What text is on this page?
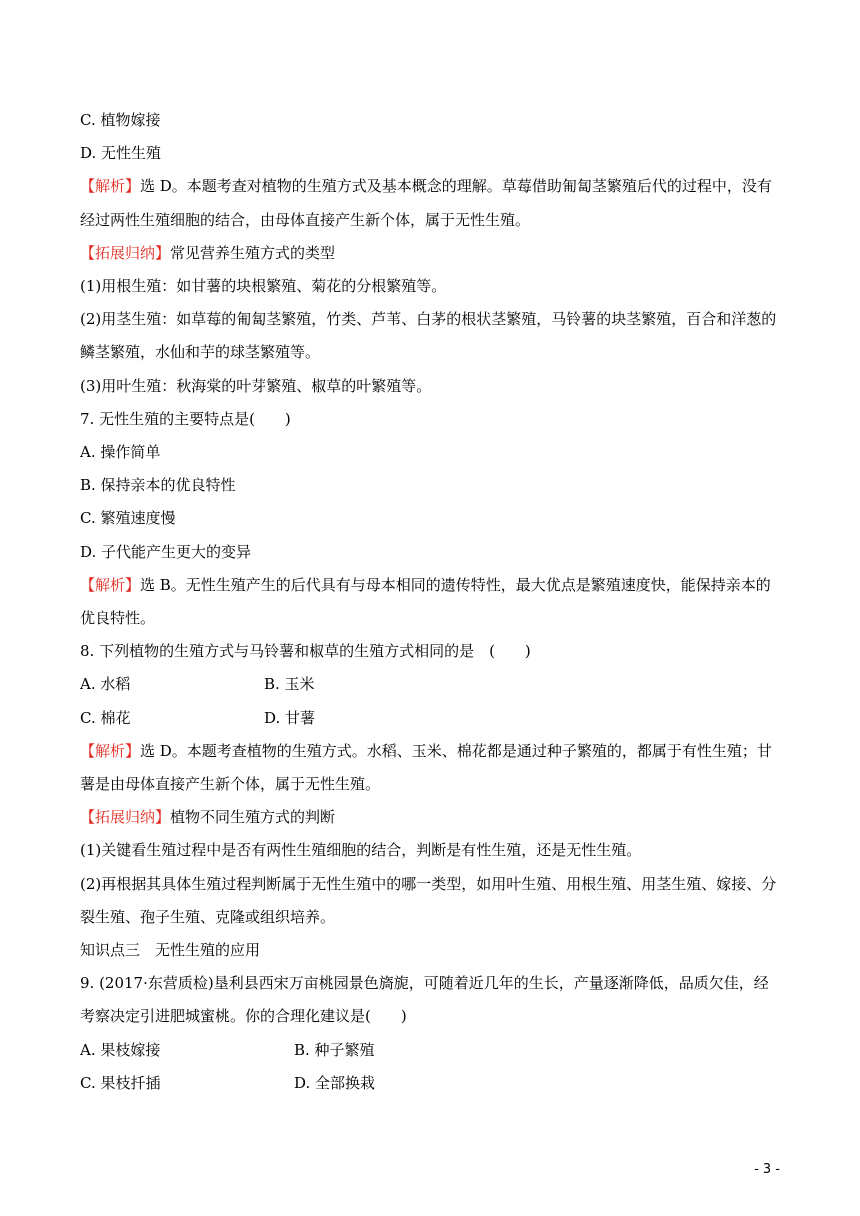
C. 植物嫁接
D. 无性生殖
【解析】选 D。本题考查对植物的生殖方式及基本概念的理解。草莓借助匍匐茎繁殖后代的过程中，没有经过两性生殖细胞的结合，由母体直接产生新个体，属于无性生殖。
【拓展归纳】常见营养生殖方式的类型
(1)用根生殖：如甘薯的块根繁殖、菊花的分根繁殖等。
(2)用茎生殖：如草莓的匍匐茎繁殖，竹类、芦苇、白茅的根状茎繁殖，马铃薯的块茎繁殖，百合和洋葱的鳞茎繁殖，水仙和芋的球茎繁殖等。
(3)用叶生殖：秋海棠的叶芽繁殖、椒草的叶繁殖等。
7. 无性生殖的主要特点是(　　)
A. 操作简单
B. 保持亲本的优良特性
C. 繁殖速度慢
D. 子代能产生更大的变异
【解析】选 B。无性生殖产生的后代具有与母本相同的遗传特性，最大优点是繁殖速度快，能保持亲本的优良特性。
8. 下列植物的生殖方式与马铃薯和椒草的生殖方式相同的是　(　　)
A. 水稻	B. 玉米
C. 棉花	D. 甘薯
【解析】选 D。本题考查植物的生殖方式。水稻、玉米、棉花都是通过种子繁殖的，都属于有性生殖；甘薯是由母体直接产生新个体，属于无性生殖。
【拓展归纳】植物不同生殖方式的判断
(1)关键看生殖过程中是否有两性生殖细胞的结合，判断是有性生殖，还是无性生殖。
(2)再根据其具体生殖过程判断属于无性生殖中的哪一类型，如用叶生殖、用根生殖、用茎生殖、嫁接、分裂生殖、孢子生殖、克隆或组织培养。
知识点三　无性生殖的应用
9. (2017·东营质检)垦利县西宋万亩桃园景色旖旎，可随着近几年的生长，产量逐渐降低，品质欠佳，经考察决定引进肥城蜜桃。你的合理化建议是(　　)
A. 果枝嫁接	B. 种子繁殖
C. 果枝扦插	D. 全部换栽
- 3 -
